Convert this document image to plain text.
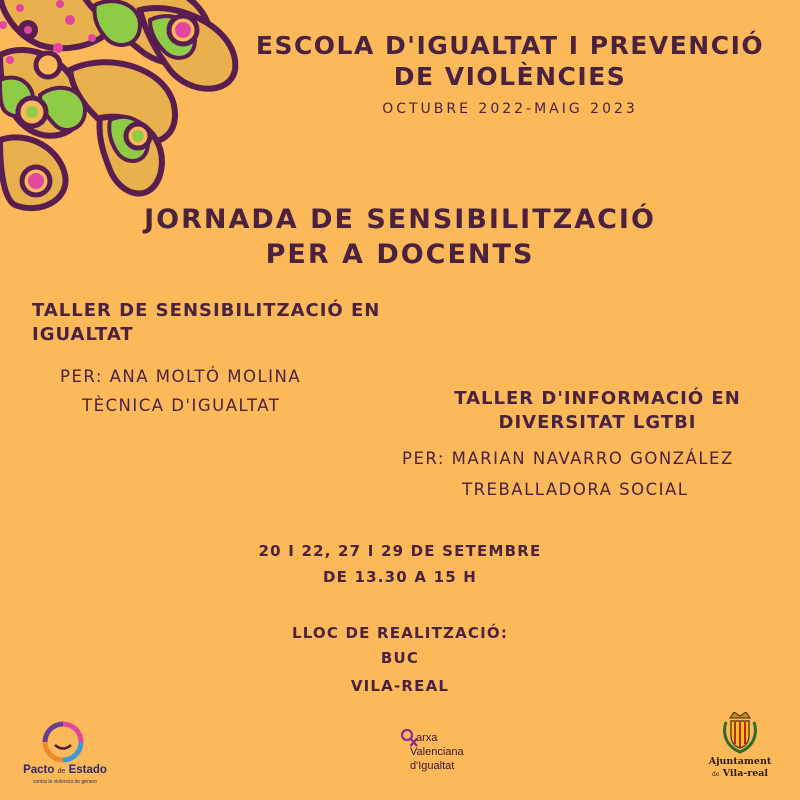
ESCOLA D'IGUALTAT I PREVENCIÓ
DE VIOLÈNCIES
OCTUBRE 2022-MAIG 2023
JORNADA DE SENSIBILITZACIÓ
PER A DOCENTS
TALLER DE SENSIBILITZACIÓ EN
IGUALTAT
PER: ANA MOLTÓ MOLINA
TÈCNICA D'IGUALTAT	TALLER D'INFORMACIÓ EN
DIVERSITAT LGTBI
PER: MARIAN NAVARRO GONZÁLEZ
TREBALLADORA SOCIAL
20 I 22, 27 I 29 DE SETEMBRE
DE 13.30 A 15 H
LLOC DE REALITZACIÓ:
BUC
VILA-REAL
Pacto de Estado
contra la violencia de género
arxa
Valenciana
d'Igualtat	Ajuntament
de Vila-real
